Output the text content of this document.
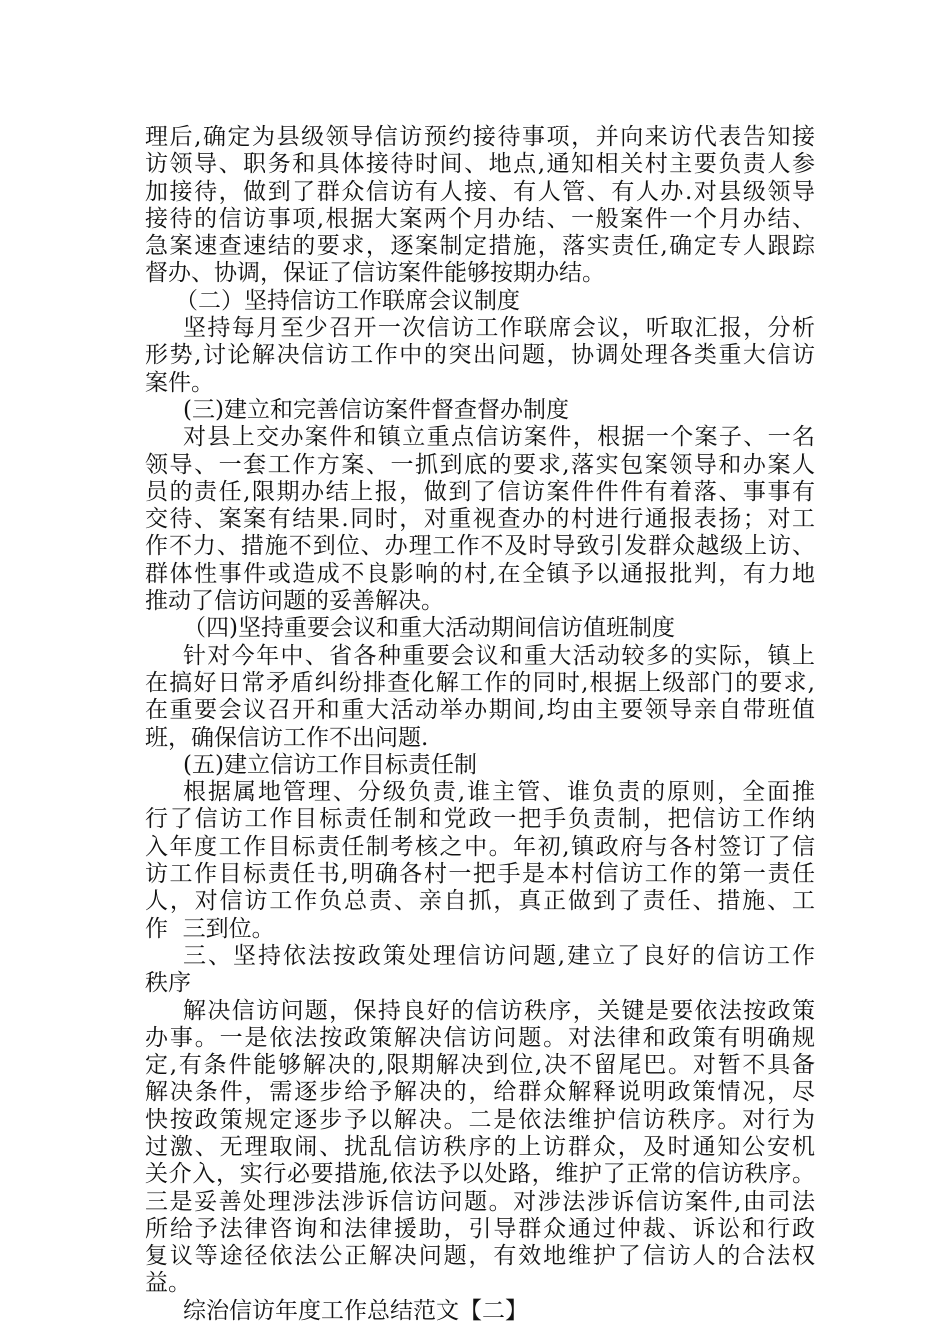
理后,确定为县级领导信访预约接待事项，并向来访代表告知接
访领导、职务和具体接待时间、地点,通知相关村主要负责人参
加接待，做到了群众信访有人接、有人管、有人办.对县级领导
接待的信访事项,根据大案两个月办结、一般案件一个月办结、
急案速查速结的要求，逐案制定措施，落实责任,确定专人跟踪
督办、协调，保证了信访案件能够按期办结。
（二）坚持信访工作联席会议制度
坚持每月至少召开一次信访工作联席会议，听取汇报，分析
形势,讨论解决信访工作中的突出问题，协调处理各类重大信访
案件。
(三)建立和完善信访案件督查督办制度
对县上交办案件和镇立重点信访案件，根据一个案子、一名
领导、一套工作方案、一抓到底的要求,落实包案领导和办案人
员的责任,限期办结上报，做到了信访案件件件有着落、事事有
交待、案案有结果.同时，对重视查办的村进行通报表扬；对工
作不力、措施不到位、办理工作不及时导致引发群众越级上访、
群体性事件或造成不良影响的村,在全镇予以通报批判，有力地
推动了信访问题的妥善解决。
（四)坚持重要会议和重大活动期间信访值班制度
针对今年中、省各种重要会议和重大活动较多的实际，镇上
在搞好日常矛盾纠纷排查化解工作的同时,根据上级部门的要求,
在重要会议召开和重大活动举办期间,均由主要领导亲自带班值
班，确保信访工作不出问题.
(五)建立信访工作目标责任制
根据属地管理、分级负责,谁主管、谁负责的原则，全面推
行了信访工作目标责任制和党政一把手负责制，把信访工作纳
入年度工作目标责任制考核之中。年初,镇政府与各村签订了信
访工作目标责任书,明确各村一把手是本村信访工作的第一责任
人，对信访工作负总责、亲自抓，真正做到了责任、措施、工
作  三到位。
三、坚持依法按政策处理信访问题,建立了良好的信访工作
秩序
解决信访问题，保持良好的信访秩序，关键是要依法按政策
办事。一是依法按政策解决信访问题。对法律和政策有明确规
定,有条件能够解决的,限期解决到位,决不留尾巴。对暂不具备
解决条件，需逐步给予解决的，给群众解释说明政策情况，尽
快按政策规定逐步予以解决。二是依法维护信访秩序。对行为
过激、无理取闹、扰乱信访秩序的上访群众，及时通知公安机
关介入，实行必要措施,依法予以处路，维护了正常的信访秩序。
三是妥善处理涉法涉诉信访问题。对涉法涉诉信访案件,由司法
所给予法律咨询和法律援助，引导群众通过仲裁、诉讼和行政
复议等途径依法公正解决问题，有效地维护了信访人的合法权
益。
综治信访年度工作总结范文【二】
